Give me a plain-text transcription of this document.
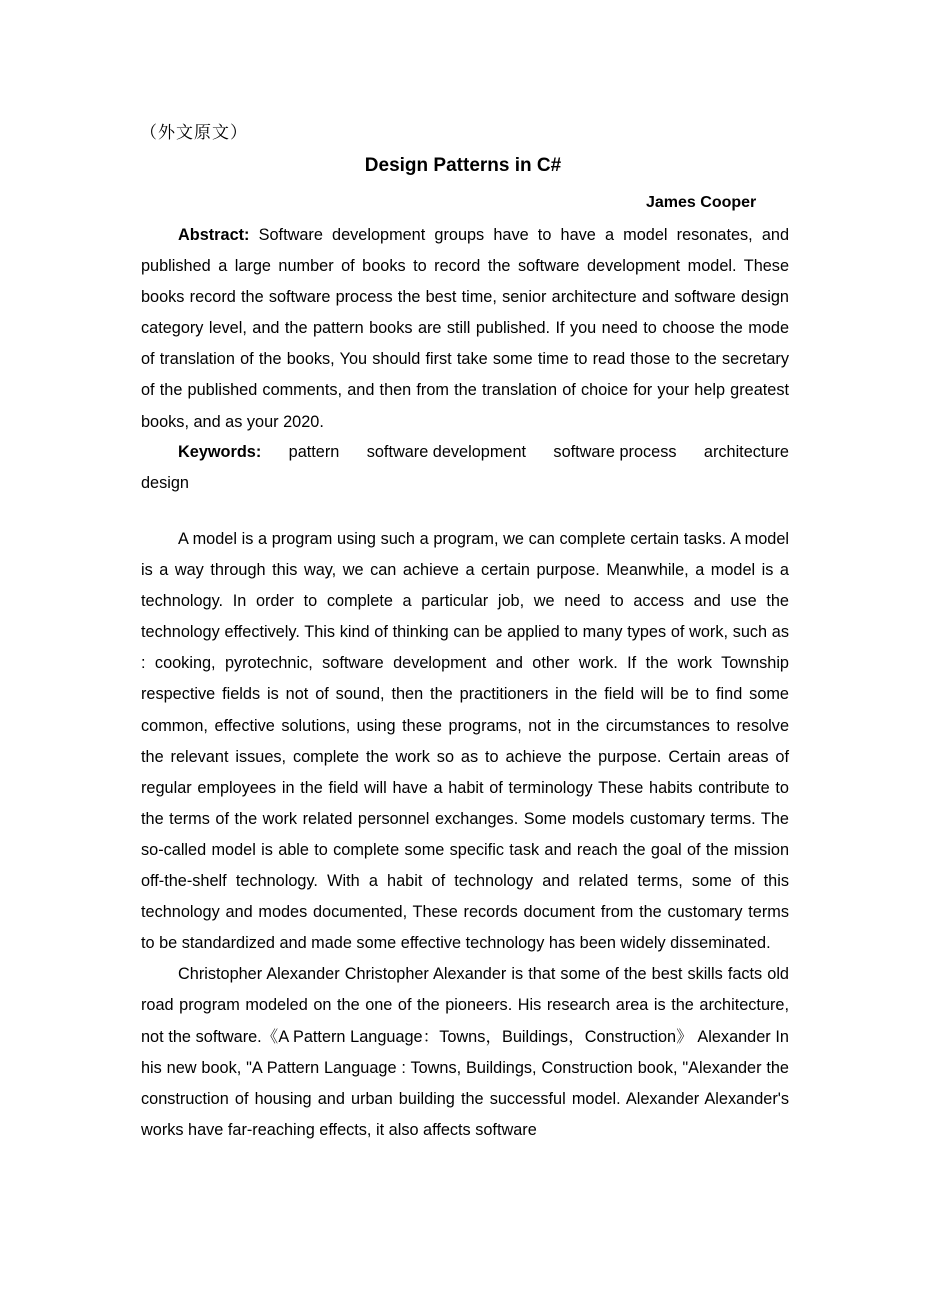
（外文原文）
Design Patterns in C#
James Cooper

Abstract: Software development groups have to have a model resonates, and published a large number of books to record the software development model. These books record the software process the best time, senior architecture and software design category level, and the pattern books are still published. If you need to choose the mode of translation of the books, You should first take some time to read those to the secretary of the published comments, and then from the translation of choice for your help greatest books, and as your 2020.

Keywords: pattern software development software process architecture
design

A model is a program using such a program, we can complete certain tasks. A model is a way through this way, we can achieve a certain purpose. Meanwhile, a model is a technology. In order to complete a particular job, we need to access and use the technology effectively. This kind of thinking can be applied to many types of work, such as : cooking, pyrotechnic, software development and other work. If the work Township respective fields is not of sound, then the practitioners in the field will be to find some common, effective solutions, using these programs, not in the circumstances to resolve the relevant issues, complete the work so as to achieve the purpose. Certain areas of regular employees in the field will have a habit of terminology These habits contribute to the terms of the work related personnel exchanges. Some models customary terms. The so-called model is able to complete some specific task and reach the goal of the mission off-the-shelf technology. With a habit of technology and related terms, some of this technology and modes documented, These records document from the customary terms to be standardized and made some effective technology has been widely disseminated.

Christopher Alexander Christopher Alexander is that some of the best skills facts old road program modeled on the one of the pioneers. His research area is the architecture, not the software.《A Pattern Language：Towns，Buildings，Construction》 Alexander In his new book, "A Pattern Language : Towns, Buildings, Construction book, "Alexander the construction of housing and urban building the successful model. Alexander Alexander's works have far-reaching effects, it also affects software
